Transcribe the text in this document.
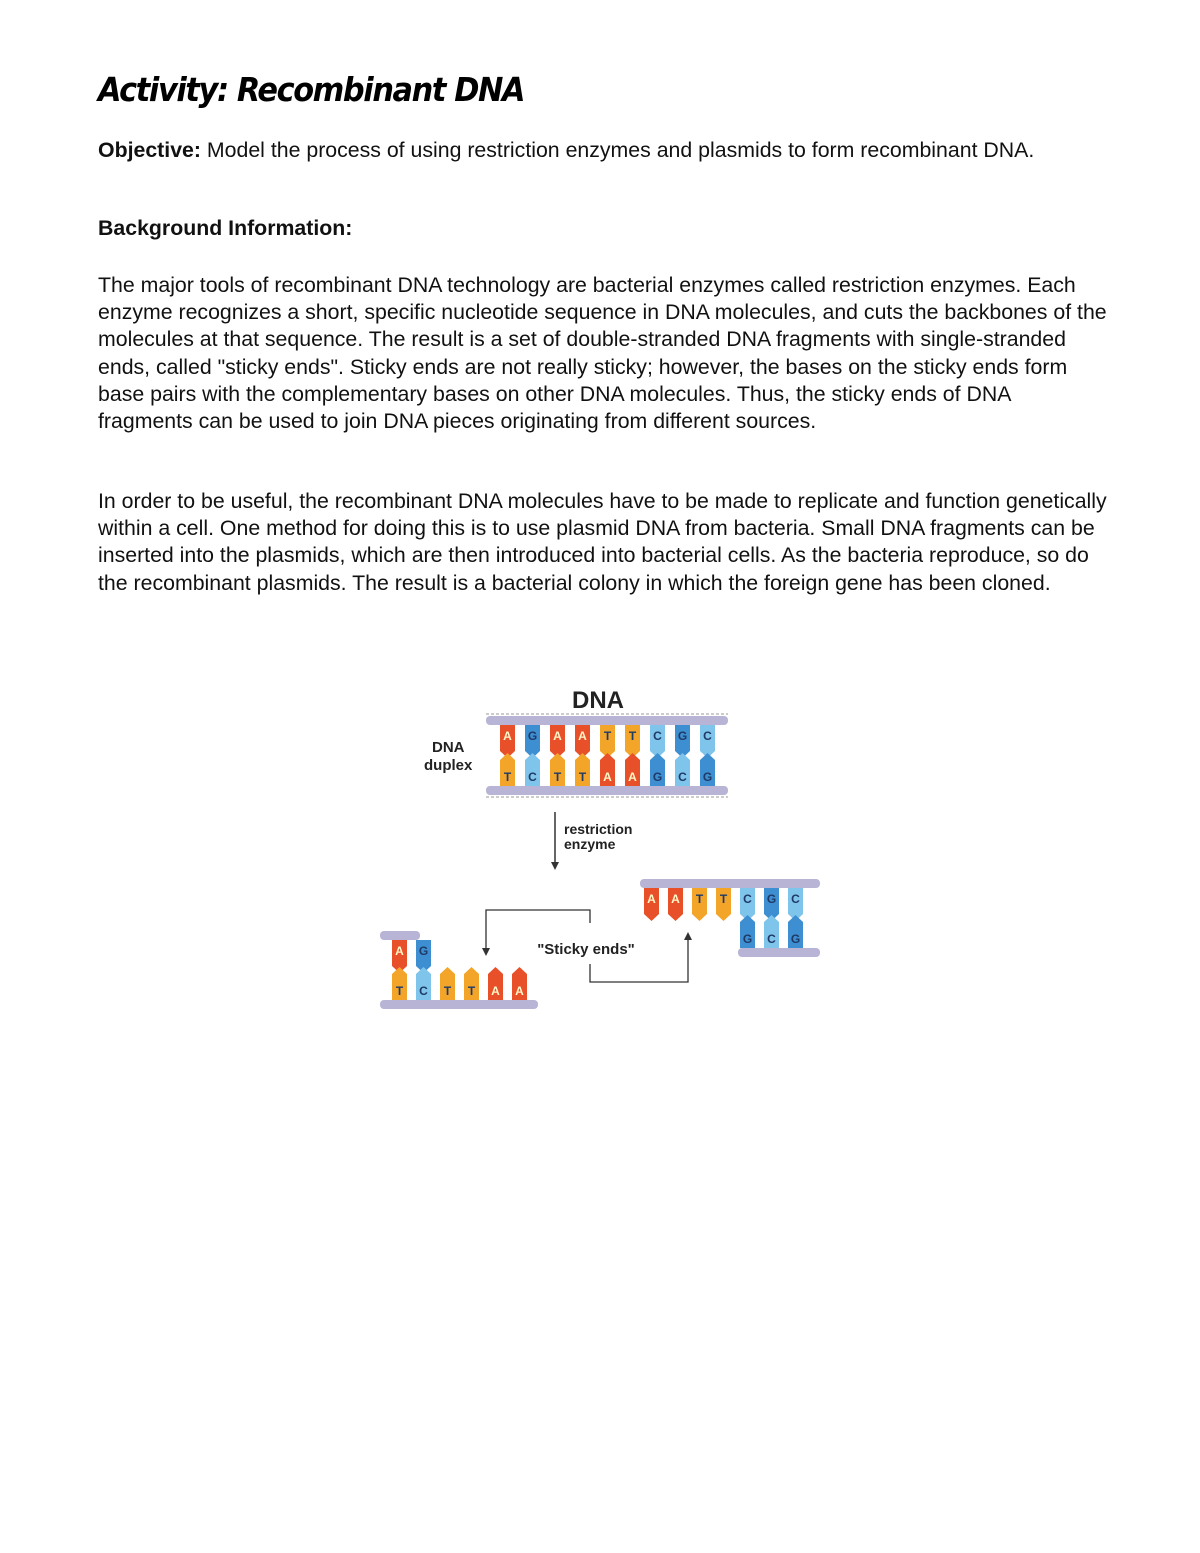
Activity: Recombinant DNA

Objective: Model the process of using restriction enzymes and plasmids to form recombinant DNA.

Background Information:

The major tools of recombinant DNA technology are bacterial enzymes called restriction enzymes. Each enzyme recognizes a short, specific nucleotide sequence in DNA molecules, and cuts the backbones of the molecules at that sequence. The result is a set of double-stranded DNA fragments with single-stranded ends, called "sticky ends". Sticky ends are not really sticky; however, the bases on the sticky ends form base pairs with the complementary bases on other DNA molecules. Thus, the sticky ends of DNA fragments can be used to join DNA pieces originating from different sources.

In order to be useful, the recombinant DNA molecules have to be made to replicate and function genetically within a cell. One method for doing this is to use plasmid DNA from bacteria. Small DNA fragments can be inserted into the plasmids, which are then introduced into bacterial cells. As the bacteria reproduce, so do the recombinant plasmids. The result is a bacterial colony in which the foreign gene has been cloned.

DNA
A G A A T T C G C
T C T T A A G C G
DNA
duplex
restriction
enzyme
A A T T C G C
G C G
A G
T C T T A A
"Sticky ends"
